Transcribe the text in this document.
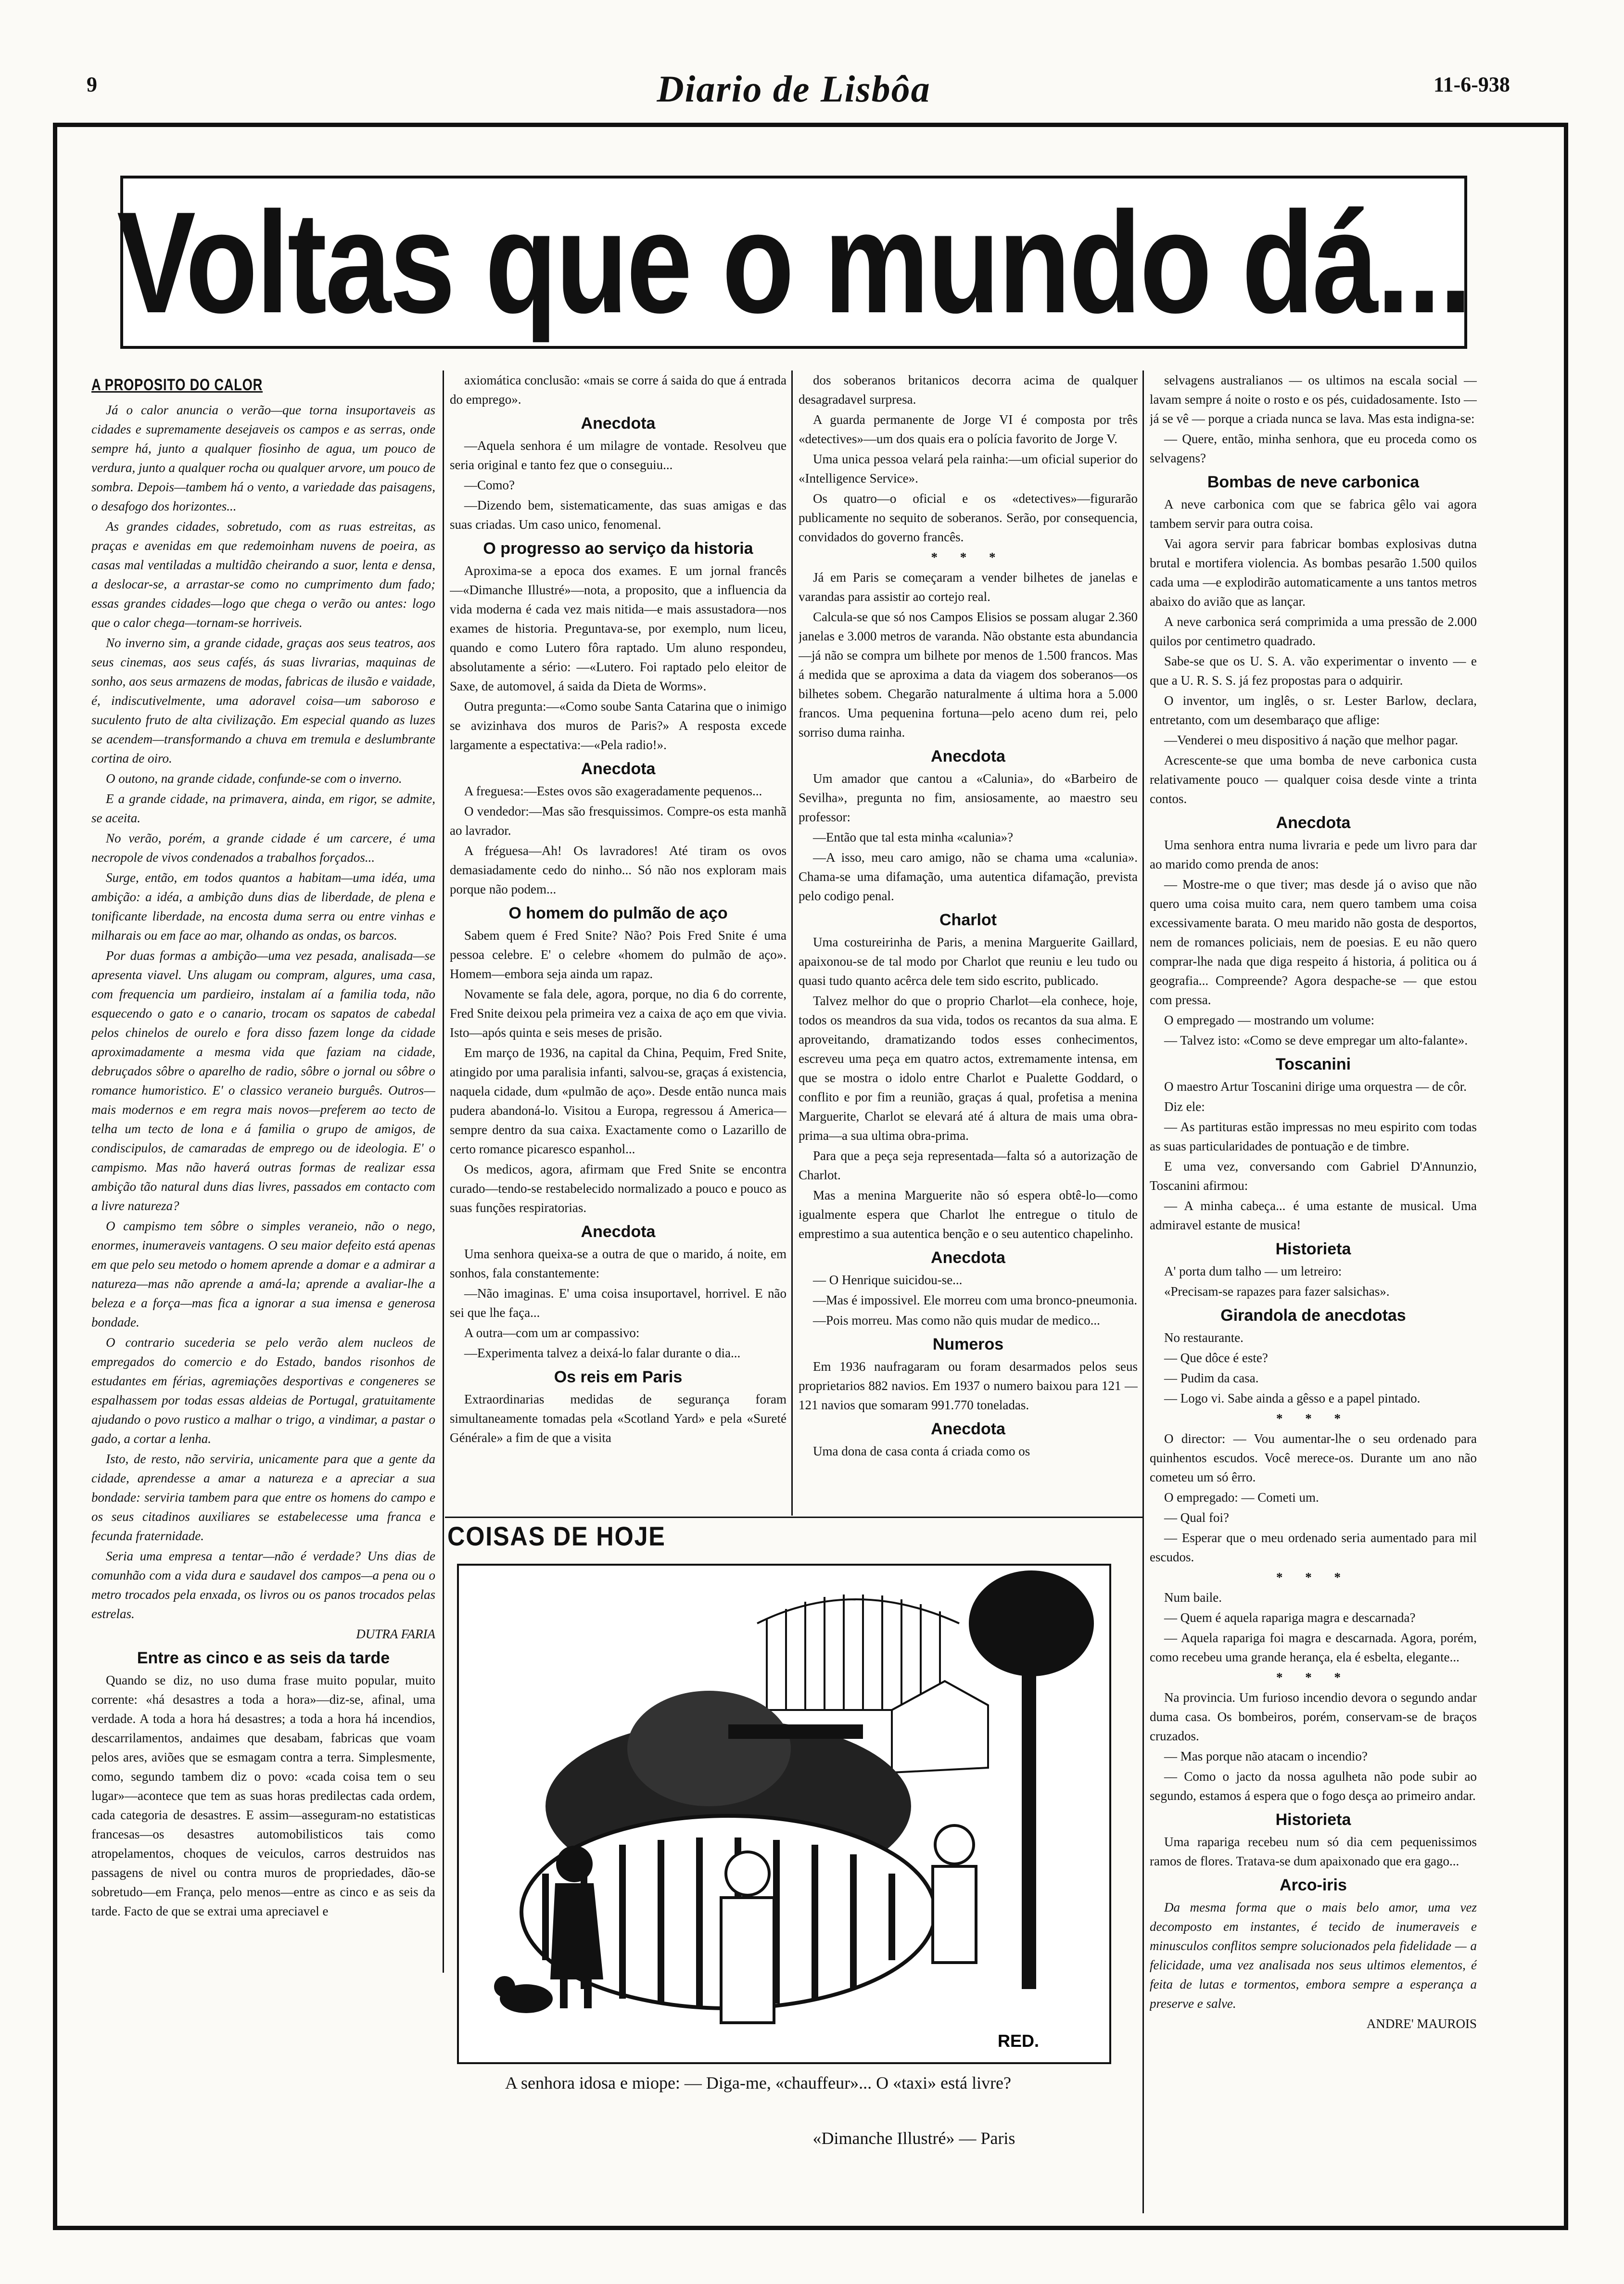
9	Diario de Lisbôa	11-6-938
Voltas que o mundo dá...
A PROPOSITO DO CALOR

Já o calor anuncia o verão—que torna insuportaveis as cidades e supremamente desejaveis os campos e as serras, onde sempre há, junto a qualquer fiosinho de agua, um pouco de verdura, junto a qualquer rocha ou qualquer arvore, um pouco de sombra. Depois—tambem há o vento, a variedade das paisagens, o desafogo dos horizontes...

As grandes cidades, sobretudo, com as ruas estreitas, as praças e avenidas em que redemoinham nuvens de poeira, as casas mal ventiladas a multidão cheirando a suor, lenta e densa, a deslocar-se, a arrastar-se como no cumprimento dum fado; essas grandes cidades—logo que chega o verão ou antes: logo que o calor chega—tornam-se horriveis.

No inverno sim, a grande cidade, graças aos seus teatros, aos seus cinemas, aos seus cafés, ás suas livrarias, maquinas de sonho, aos seus armazens de modas, fabricas de ilusão e vaidade, é, indiscutivelmente, uma adoravel coisa—um saboroso e suculento fruto de alta civilização. Em especial quando as luzes se acendem—transformando a chuva em tremula e deslumbrante cortina de oiro.

O outono, na grande cidade, confunde-se com o inverno.

E a grande cidade, na primavera, ainda, em rigor, se admite, se aceita.

No verão, porém, a grande cidade é um carcere, é uma necropole de vivos condenados a trabalhos forçados...

Surge, então, em todos quantos a habitam—uma idéa, uma ambição: a idéa, a ambição duns dias de liberdade, de plena e tonificante liberdade, na encosta duma serra ou entre vinhas e milharais ou em face ao mar, olhando as ondas, os barcos.

Por duas formas a ambição—uma vez pesada, analisada—se apresenta viavel. Uns alugam ou compram, algures, uma casa, com frequencia um pardieiro, instalam aí a familia toda, não esquecendo o gato e o canario, trocam os sapatos de cabedal pelos chinelos de ourelo e fora disso fazem longe da cidade aproximadamente a mesma vida que faziam na cidade, debruçados sôbre o aparelho de radio, sôbre o jornal ou sôbre o romance humoristico. E' o classico veraneio burguês. Outros—mais modernos e em regra mais novos—preferem ao tecto de telha um tecto de lona e á familia o grupo de amigos, de condiscipulos, de camaradas de emprego ou de ideologia. E' o campismo. Mas não haverá outras formas de realizar essa ambição tão natural duns dias livres, passados em contacto com a livre natureza?

O campismo tem sôbre o simples veraneio, não o nego, enormes, inumeraveis vantagens. O seu maior defeito está apenas em que pelo seu metodo o homem aprende a domar e a admirar a natureza—mas não aprende a amá-la; aprende a avaliar-lhe a beleza e a força—mas fica a ignorar a sua imensa e generosa bondade.

O contrario sucederia se pelo verão alem nucleos de empregados do comercio e do Estado, bandos risonhos de estudantes em férias, agremiações desportivas e congeneres se espalhassem por todas essas aldeias de Portugal, gratuitamente ajudando o povo rustico a malhar o trigo, a vindimar, a pastar o gado, a cortar a lenha.

Isto, de resto, não serviria, unicamente para que a gente da cidade, aprendesse a amar a natureza e a apreciar a sua bondade: serviria tambem para que entre os homens do campo e os seus citadinos auxiliares se estabelecesse uma franca e fecunda fraternidade.

Seria uma empresa a tentar—não é verdade? Uns dias de comunhão com a vida dura e saudavel dos campos—a pena ou o metro trocados pela enxada, os livros ou os panos trocados pelas estrelas.

DUTRA FARIA

Entre as cinco e as seis da tarde

Quando se diz, no uso duma frase muito popular, muito corrente: «há desastres a toda a hora»—diz-se, afinal, uma verdade. A toda a hora há desastres; a toda a hora há incendios, descarrilamentos, andaimes que desabam, fabricas que voam pelos ares, aviões que se esmagam contra a terra. Simplesmente, como, segundo tambem diz o povo: «cada coisa tem o seu lugar»—acontece que tem as suas horas predilectas cada ordem, cada categoria de desastres. E assim—asseguram-no estatisticas francesas—os desastres automobilisticos tais como atropelamentos, choques de veiculos, carros destruidos nas passagens de nivel ou contra muros de propriedades, dão-se sobretudo—em França, pelo menos—entre as cinco e as seis da tarde. Facto de que se extrai uma apreciavel e

axiomática conclusão: «mais se corre á saida do que á entrada do emprego».

Anecdota

—Aquela senhora é um milagre de vontade. Resolveu que seria original e tanto fez que o conseguiu...

—Como?

—Dizendo bem, sistematicamente, das suas amigas e das suas criadas. Um caso unico, fenomenal.

O progresso ao serviço da historia

Aproxima-se a epoca dos exames. E um jornal francês—«Dimanche Illustré»—nota, a proposito, que a influencia da vida moderna é cada vez mais nitida—e mais assustadora—nos exames de historia. Preguntava-se, por exemplo, num liceu, quando e como Lutero fôra raptado. Um aluno respondeu, absolutamente a sério: —«Lutero. Foi raptado pelo eleitor de Saxe, de automovel, á saida da Dieta de Worms».

Outra pregunta:—«Como soube Santa Catarina que o inimigo se avizinhava dos muros de Paris?» A resposta excede largamente a espectativa:—«Pela radio!».

Anecdota

A freguesa:—Estes ovos são exageradamente pequenos...

O vendedor:—Mas são fresquissimos. Compre-os esta manhã ao lavrador.

A fréguesa—Ah! Os lavradores! Até tiram os ovos demasiadamente cedo do ninho... Só não nos exploram mais porque não podem...

O homem do pulmão de aço

Sabem quem é Fred Snite? Não? Pois Fred Snite é uma pessoa celebre. E' o celebre «homem do pulmão de aço». Homem—embora seja ainda um rapaz.

Novamente se fala dele, agora, porque, no dia 6 do corrente, Fred Snite deixou pela primeira vez a caixa de aço em que vivia. Isto—após quinta e seis meses de prisão.

Em março de 1936, na capital da China, Pequim, Fred Snite, atingido por uma paralisia infanti, salvou-se, graças á existencia, naquela cidade, dum «pulmão de aço». Desde então nunca mais pudera abandoná-lo. Visitou a Europa, regressou á America—sempre dentro da sua caixa. Exactamente como o Lazarillo de certo romance picaresco espanhol...

Os medicos, agora, afirmam que Fred Snite se encontra curado—tendo-se restabelecido normalizado a pouco e pouco as suas funções respiratorias.

Anecdota

Uma senhora queixa-se a outra de que o marido, á noite, em sonhos, fala constantemente:

—Não imaginas. E' uma coisa insuportavel, horrivel. E não sei que lhe faça...

A outra—com um ar compassivo:

—Experimenta talvez a deixá-lo falar durante o dia...

Os reis em Paris

Extraordinarias medidas de segurança foram simultaneamente tomadas pela «Scotland Yard» e pela «Sureté Générale» a fim de que a visita

dos soberanos britanicos decorra acima de qualquer desagradavel surpresa.

A guarda permanente de Jorge VI é composta por três «detectives»—um dos quais era o polícia favorito de Jorge V.

Uma unica pessoa velará pela rainha:—um oficial superior do «Intelligence Service».

Os quatro—o oficial e os «detectives»—figurarão publicamente no sequito de soberanos. Serão, por consequencia, convidados do governo francês.

* * *

Já em Paris se começaram a vender bilhetes de janelas e varandas para assistir ao cortejo real.

Calcula-se que só nos Campos Elisios se possam alugar 2.360 janelas e 3.000 metros de varanda. Não obstante esta abundancia—já não se compra um bilhete por menos de 1.500 francos. Mas á medida que se aproxima a data da viagem dos soberanos—os bilhetes sobem. Chegarão naturalmente á ultima hora a 5.000 francos. Uma pequenina fortuna—pelo aceno dum rei, pelo sorriso duma rainha.

Anecdota

Um amador que cantou a «Calunia», do «Barbeiro de Sevilha», pregunta no fim, ansiosamente, ao maestro seu professor:

—Então que tal esta minha «calunia»?

—A isso, meu caro amigo, não se chama uma «calunia». Chama-se uma difamação, uma autentica difamação, prevista pelo codigo penal.

Charlot

Uma costureirinha de Paris, a menina Marguerite Gaillard, apaixonou-se de tal modo por Charlot que reuniu e leu tudo ou quasi tudo quanto acêrca dele tem sido escrito, publicado.

Talvez melhor do que o proprio Charlot—ela conhece, hoje, todos os meandros da sua vida, todos os recantos da sua alma. E aproveitando, dramatizando todos esses conhecimentos, escreveu uma peça em quatro actos, extremamente intensa, em que se mostra o idolo entre Charlot e Pualette Goddard, o conflito e por fim a reunião, graças á qual, profetisa a menina Marguerite, Charlot se elevará até á altura de mais uma obra-prima—a sua ultima obra-prima.

Para que a peça seja representada—falta só a autorização de Charlot.

Mas a menina Marguerite não só espera obtê-lo—como igualmente espera que Charlot lhe entregue o titulo de emprestimo a sua autentica benção e o seu autentico chapelinho.

Anecdota

— O Henrique suicidou-se...

—Mas é impossivel. Ele morreu com uma bronco-pneumonia.

—Pois morreu. Mas como não quis mudar de medico...

Numeros

Em 1936 naufragaram ou foram desarmados pelos seus proprietarios 882 navios. Em 1937 o numero baixou para 121 — 121 navios que somaram 991.770 toneladas.

Anecdota

Uma dona de casa conta á criada como os

selvagens australianos — os ultimos na escala social — lavam sempre á noite o rosto e os pés, cuidadosamente. Isto — já se vê — porque a criada nunca se lava. Mas esta indigna-se:

— Quere, então, minha senhora, que eu proceda como os selvagens?

Bombas de neve carbonica

A neve carbonica com que se fabrica gêlo vai agora tambem servir para outra coisa.

Vai agora servir para fabricar bombas explosivas dutna brutal e mortifera violencia. As bombas pesarão 1.500 quilos cada uma —e explodirão automaticamente a uns tantos metros abaixo do avião que as lançar.

A neve carbonica será comprimida a uma pressão de 2.000 quilos por centimetro quadrado.

Sabe-se que os U. S. A. vão experimentar o invento — e que a U. R. S. S. já fez propostas para o adquirir.

O inventor, um inglês, o sr. Lester Barlow, declara, entretanto, com um desembaraço que aflige:

—Venderei o meu dispositivo á nação que melhor pagar.

Acrescente-se que uma bomba de neve carbonica custa relativamente pouco — qualquer coisa desde vinte a trinta contos.

Anecdota

Uma senhora entra numa livraria e pede um livro para dar ao marido como prenda de anos:

— Mostre-me o que tiver; mas desde já o aviso que não quero uma coisa muito cara, nem quero tambem uma coisa excessivamente barata. O meu marido não gosta de desportos, nem de romances policiais, nem de poesias. E eu não quero comprar-lhe nada que diga respeito á historia, á politica ou á geografia... Compreende? Agora despache-se — que estou com pressa.

O empregado — mostrando um volume:

— Talvez isto: «Como se deve empregar um alto-falante».

Toscanini

O maestro Artur Toscanini dirige uma orquestra — de côr.

Diz ele:

— As partituras estão impressas no meu espirito com todas as suas particularidades de pontuação e de timbre.

E uma vez, conversando com Gabriel D'Annunzio, Toscanini afirmou:

— A minha cabeça... é uma estante de musical. Uma admiravel estante de musica!

Historieta

A' porta dum talho — um letreiro:

«Precisam-se rapazes para fazer salsichas».

Girandola de anecdotas

No restaurante.

— Que dôce é este?

— Pudim da casa.

— Logo vi. Sabe ainda a gêsso e a papel pintado.

* * *

O director: — Vou aumentar-lhe o seu ordenado para quinhentos escudos. Você merece-os. Durante um ano não cometeu um só êrro.

O empregado: — Cometi um.

— Qual foi?

— Esperar que o meu ordenado seria aumentado para mil escudos.

* * *

Num baile.

— Quem é aquela rapariga magra e descarnada?

— Aquela rapariga foi magra e descarnada. Agora, porém, como recebeu uma grande herança, ela é esbelta, elegante...

* * *

Na provincia. Um furioso incendio devora o segundo andar duma casa. Os bombeiros, porém, conservam-se de braços cruzados.

— Mas porque não atacam o incendio?

— Como o jacto da nossa agulheta não pode subir ao segundo, estamos á espera que o fogo desça ao primeiro andar.

Historieta

Uma rapariga recebeu num só dia cem pequenissimos ramos de flores. Tratava-se dum apaixonado que era gago...

Arco-iris

Da mesma forma que o mais belo amor, uma vez decomposto em instantes, é tecido de inumeraveis e minusculos conflitos sempre solucionados pela fidelidade — a felicidade, uma vez analisada nos seus ultimos elementos, é feita de lutas e tormentos, embora sempre a esperança a preserve e salve.

ANDRE' MAUROIS

COISAS DE HOJE
RED.
A senhora idosa e miope: — Diga-me, «chauffeur»... O «taxi» está livre?
«Dimanche Illustré» — Paris
